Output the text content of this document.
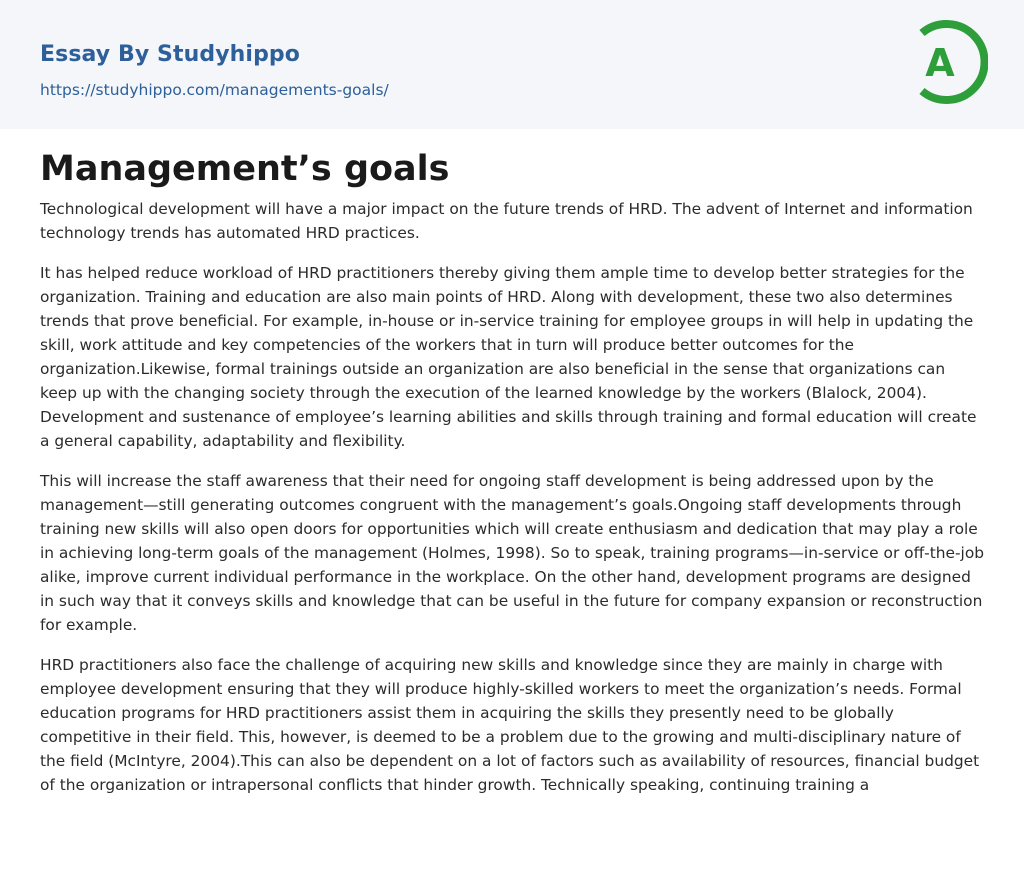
Essay By Studyhippo
https://studyhippo.com/managements-goals/
A
Management’s goals

Technological development will have a major impact on the future trends of HRD. The advent of Internet and information technology trends has automated HRD practices.

It has helped reduce workload of HRD practitioners thereby giving them ample time to develop better strategies for the organization. Training and education are also main points of HRD. Along with development, these two also determines trends that prove beneficial. For example, in-house or in-service training for employee groups in will help in updating the skill, work attitude and key competencies of the workers that in turn will produce better outcomes for the organization.Likewise, formal trainings outside an organization are also beneficial in the sense that organizations can keep up with the changing society through the execution of the learned knowledge by the workers (Blalock, 2004). Development and sustenance of employee’s learning abilities and skills through training and formal education will create a general capability, adaptability and flexibility.

This will increase the staff awareness that their need for ongoing staff development is being addressed upon by the management—still generating outcomes congruent with the management’s goals.Ongoing staff developments through training new skills will also open doors for opportunities which will create enthusiasm and dedication that may play a role in achieving long-term goals of the management (Holmes, 1998). So to speak, training programs—in-service or off-the-job alike, improve current individual performance in the workplace. On the other hand, development programs are designed in such way that it conveys skills and knowledge that can be useful in the future for company expansion or reconstruction for example.

HRD practitioners also face the challenge of acquiring new skills and knowledge since they are mainly in charge with employee development ensuring that they will produce highly-skilled workers to meet the organization’s needs. Formal education programs for HRD practitioners assist them in acquiring the skills they presently need to be globally competitive in their field. This, however, is deemed to be a problem due to the growing and multi-disciplinary nature of the field (McIntyre, 2004).This can also be dependent on a lot of factors such as availability of resources, financial budget of the organization or intrapersonal conflicts that hinder growth. Technically speaking, continuing training a
